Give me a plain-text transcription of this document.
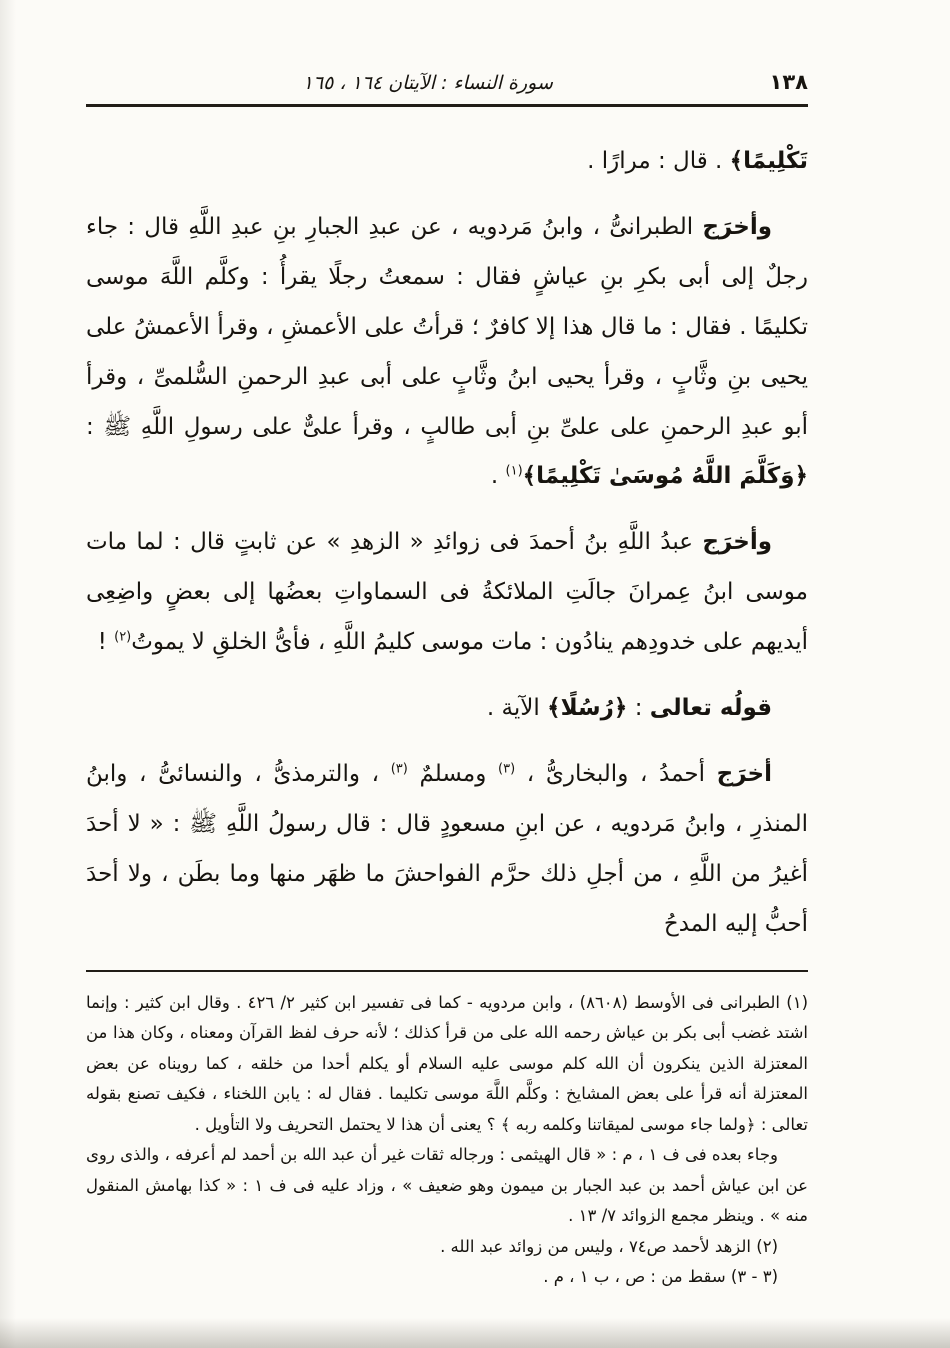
١٣٨
سورة النساء : الآيتان ١٦٤ ، ١٦٥

تَكْلِيمًا﴾ . قال : مرارًا .

وأخرَج الطبرانىُّ ، وابنُ مَردويه ، عن عبدِ الجبارِ بنِ عبدِ اللَّهِ قال : جاء رجلٌ إلى أبى بكرِ بنِ عياشٍ فقال : سمعتُ رجلًا يقرأُ : وكلَّم اللَّهَ موسى تكليمًا . فقال : ما قال هذا إلا كافرٌ ؛ قرأتُ على الأعمشِ ، وقرأ الأعمشُ على يحيى بنِ وثَّابٍ ، وقرأ يحيى ابنُ وثَّابٍ على أبى عبدِ الرحمنِ السُّلمىِّ ، وقرأ أبو عبدِ الرحمنِ على علىِّ بنِ أبى طالبٍ ، وقرأ علىٌّ على رسولِ اللَّهِ ﷺ : ﴿وَكَلَّمَ اللَّهُ مُوسَىٰ تَكْلِيمًا﴾$^{(١)}$ .

وأخرَج عبدُ اللَّهِ بنُ أحمدَ فى زوائدِ « الزهدِ » عن ثابتٍ قال : لما مات موسى ابنُ عِمرانَ جالَتِ الملائكةُ فى السماواتِ بعضُها إلى بعضٍ واضِعِى أيديهم على خدودِهم ينادُون : مات موسى كليمُ اللَّهِ ، فأىُّ الخلقِ لا يموتُ$^{(٢)}$ !

قولُه تعالى : ﴿رُسُلًا﴾ الآية .

أخرَج أحمدُ ، والبخارىُّ ، $^{(٣)}$ ومسلمٌ $^{(٣)}$ ، والترمذىُّ ، والنسائىُّ ، وابنُ المنذرِ ، وابنُ مَردويه ، عن ابنِ مسعودٍ قال : قال رسولُ اللَّهِ ﷺ : « لا أحدَ أغيرُ من اللَّهِ ، من أجلِ ذلك حرَّم الفواحشَ ما ظهَر منها وما بطَن ، ولا أحدَ أحبُّ إليه المدحُ

(١) الطبرانى فى الأوسط (٨٦٠٨) ، وابن مردويه - كما فى تفسير ابن كثير ٢/ ٤٢٦ . وقال ابن كثير : وإنما اشتد غضب أبى بكر بن عياش رحمه الله على من قرأ كذلك ؛ لأنه حرف لفظ القرآن ومعناه ، وكان هذا من المعتزلة الذين ينكرون أن الله كلم موسى عليه السلام أو يكلم أحدا من خلقه ، كما رويناه عن بعض المعتزلة أنه قرأ على بعض المشايخ : وكلَّم اللَّهَ موسى تكليما . فقال له : يابن اللخناء ، فكيف تصنع بقوله تعالى : ﴿ولما جاء موسى لميقاتنا وكلمه ربه ﴾ ؟ يعنى أن هذا لا يحتمل التحريف ولا التأويل .

وجاء بعده فى ف ١ ، م : « قال الهيثمى : ورجاله ثقات غير أن عبد الله بن أحمد لم أعرفه ، والذى روى عن ابن عياش أحمد بن عبد الجبار بن ميمون وهو ضعيف » ، وزاد عليه فى ف ١ : « كذا بهامش المنقول منه » . وينظر مجمع الزوائد ٧/ ١٣ .

(٢) الزهد لأحمد ص٧٤ ، وليس من زوائد عبد الله .

(٣ - ٣) سقط من : ص ، ب ١ ، م .
